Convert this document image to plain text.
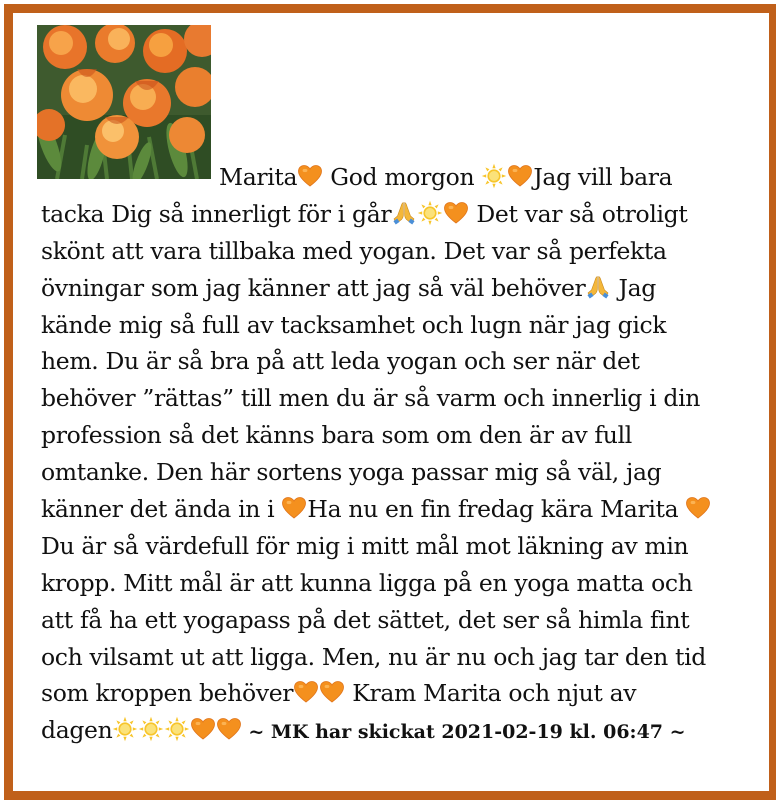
Marita
God morgon
Jag vill bara
tacka Dig så innerligt för i går	Det var så otroligt
skönt att vara tillbaka med yogan. Det var så perfekta
övningar som jag känner att jag så väl behöver
Jag
kände mig så full av tacksamhet och lugn när jag gick
hem. Du är så bra på att leda yogan och ser när det
behöver ”rättas” till men du är så varm och innerlig i din
profession så det känns bara som om den är av full
omtanke. Den här sortens yoga passar mig så väl, jag
känner det ända in i
Ha nu en fin fredag kära Marita
Du är så värdefull för mig i mitt mål mot läkning av min
kropp. Mitt mål är att kunna ligga på en yoga matta och
att få ha ett yogapass på det sättet, det ser så himla fint
och vilsamt ut att ligga. Men, nu är nu och jag tar den tid
som kroppen behöver
Kram Marita och njut av
dagen	~ MK har skickat 2021-02-19 kl. 06:47 ~
